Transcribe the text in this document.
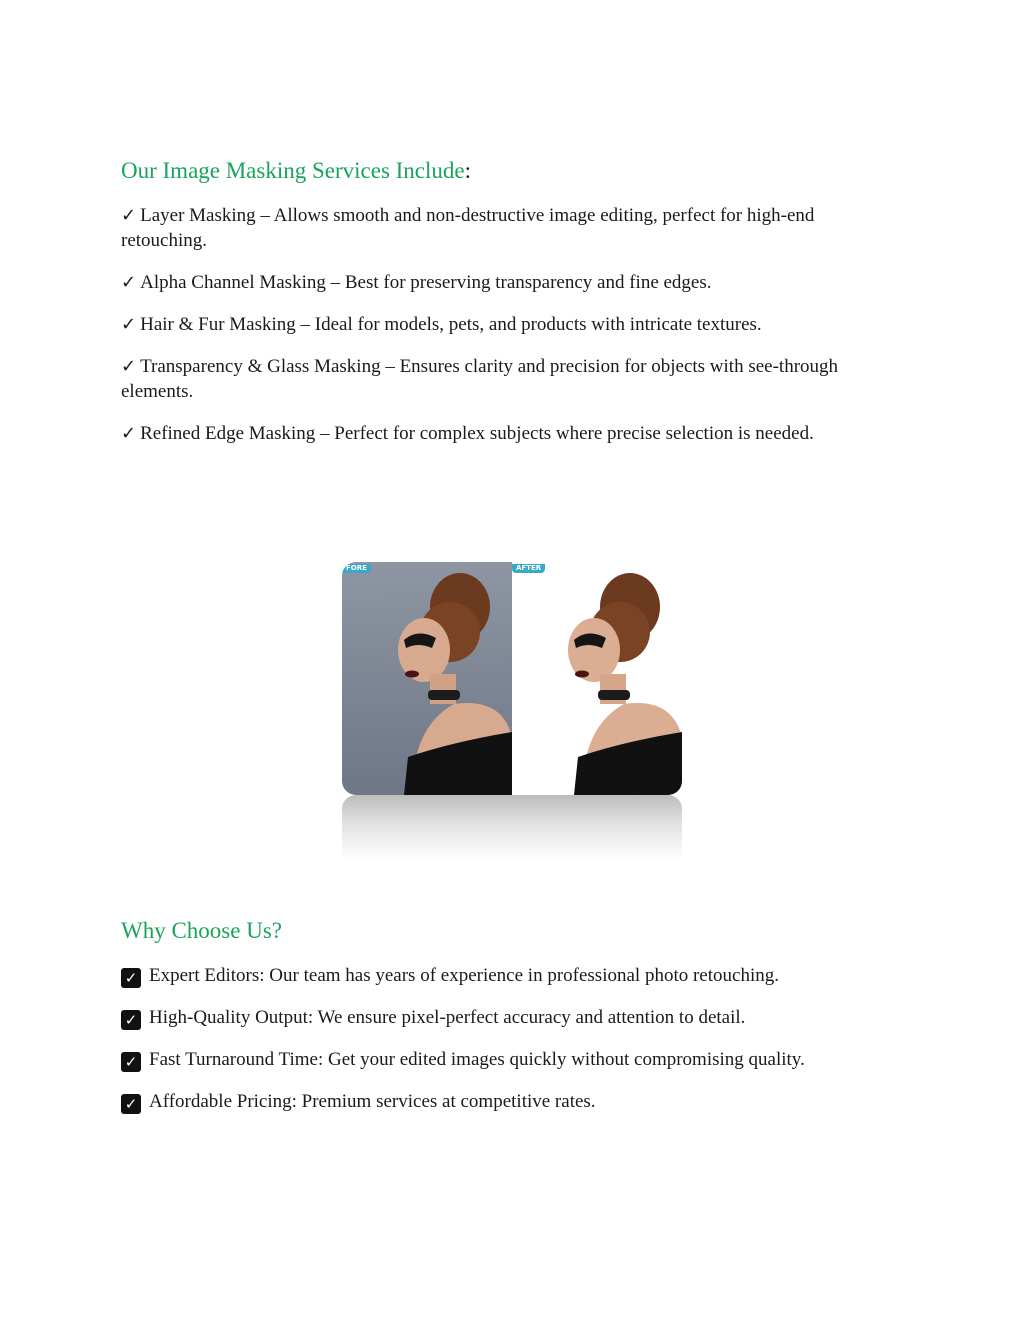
Our Image Masking Services Include:
✓ Layer Masking – Allows smooth and non-destructive image editing, perfect for high-end retouching.
✓ Alpha Channel Masking – Best for preserving transparency and fine edges.
✓ Hair & Fur Masking – Ideal for models, pets, and products with intricate textures.
✓ Transparency & Glass Masking – Ensures clarity and precision for objects with see-through elements.
✓ Refined Edge Masking – Perfect for complex subjects where precise selection is needed.
Why Choose Us?
✓ Expert Editors: Our team has years of experience in professional photo retouching.
✓ High-Quality Output: We ensure pixel-perfect accuracy and attention to detail.
✓ Fast Turnaround Time: Get your edited images quickly without compromising quality.
✓ Affordable Pricing: Premium services at competitive rates.
FORE	AFTER
